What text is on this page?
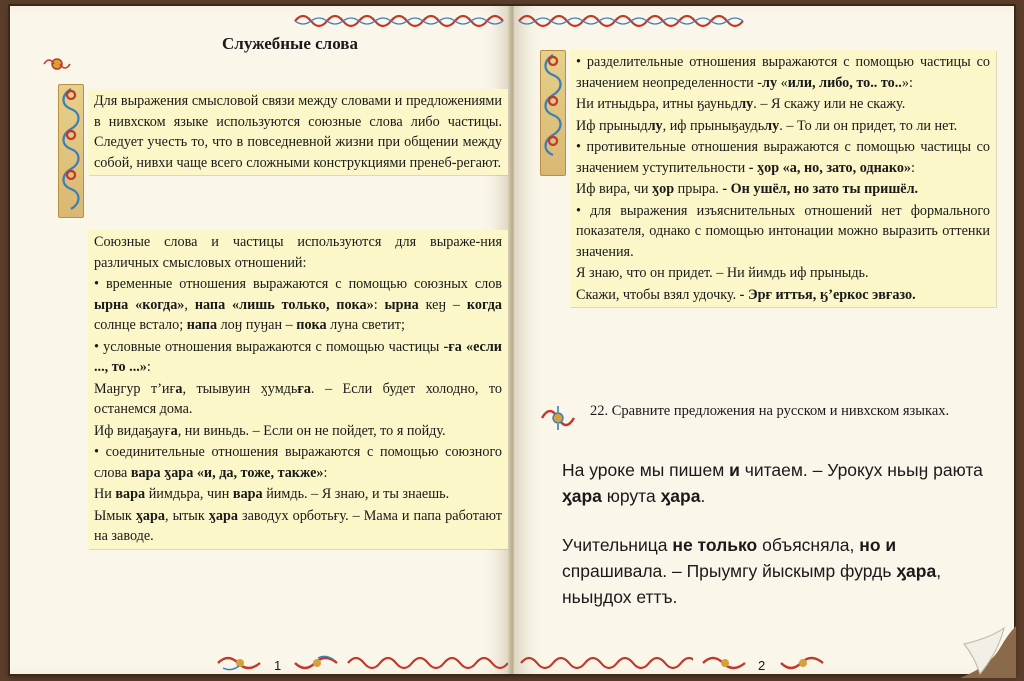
Служебные слова

Для выражения смысловой связи между словами и предложениями в нивхском языке используются союзные слова либо частицы. Следует учесть то, что в повседневной жизни при общении между собой, нивхи чаще всего сложными конструкциями пренеб-регают.

Союзные слова и частицы используются для выраже-ния различных смысловых отношений:

• временные отношения выражаются с помощью союзных слов ырна «когда», напа «лишь только, пока»: ырна кеӈ – когда солнце встало; напа лоӈ пуӈан – пока луна светит;

• условные отношения выражаются с помощью частицы -ға «если ..., то ...»:

Маӈгур т’иға, тыывуин ӽумдьға. – Если будет холодно, то останемся дома.

Иф видаӄауға, ни виньдь. – Если он не пойдет, то я пойду.

• соединительные отношения выражаются с помощью союзного слова вара ӽара «и, да, тоже, также»:

Ни вара йимдьра, чин вара йимдь. – Я знаю, и ты знаешь.

Ымык ӽара, ытык ӽара заводух орботьғу. – Мама и папа работают на заводе.

1

• разделительные отношения выражаются с помощью частицы со значением неопределенности -лу «или, либо, то.. то..»:

Ни итныдьра, итны ӄауньдлу. – Я скажу или не скажу.

Иф прыныдлу, иф прыныӄаудьлу. – То ли он придет, то ли нет.

• противительные отношения выражаются с помощью частицы со значением уступительности - ӽор «а, но, зато, однако»:

Иф вира, чи ӽор прыра. - Он ушёл, но зато ты пришёл.

• для выражения изъяснительных отношений нет формального показателя, однако с помощью интонации можно выразить оттенки значения.

Я знаю, что он придет. – Ни йимдь иф прыныдь.

Скажи, чтобы взял удочку. - Эрғ иттья, ӄ’еркос эвғазо.

22. Сравните предложения на русском и нивхском языках.
На уроке мы пишем и читаем. – Урокух ньыӈ раюта ӽара юрута ӽара.
Учительница не только объясняла, но и спрашивала. – Прыумгу йыскымр фурдь ӽара, ньыӈдох еттъ.
2
